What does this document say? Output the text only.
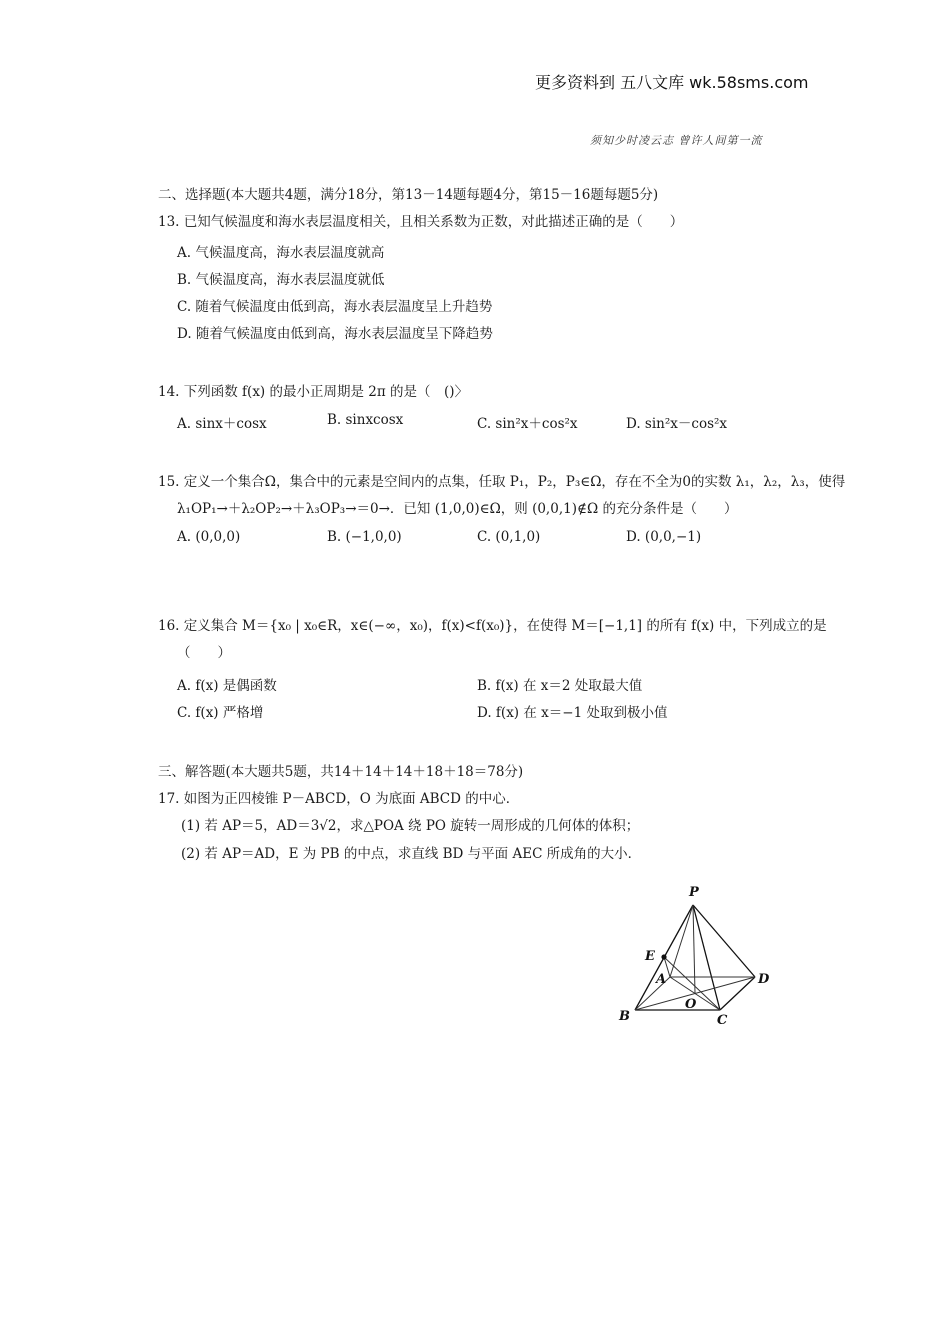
更多资料到 五八文库 wk.58sms.com
须知少时凌云志 曾许人间第一流
二、选择题(本大题共4题，满分18分，第13－14题每题4分，第15－16题每题5分)
13. 已知气候温度和海水表层温度相关，且相关系数为正数，对此描述正确的是（　　）
A. 气候温度高，海水表层温度就高
B. 气候温度高，海水表层温度就低
C. 随着气候温度由低到高，海水表层温度呈上升趋势
D. 随着气候温度由低到高，海水表层温度呈下降趋势
14. 下列函数 f(x) 的最小正周期是 2π 的是（　()〉
A. sinx＋cosx	B. sinxcosx	C. sin²x＋cos²x	D. sin²x－cos²x
15. 定义一个集合Ω，集合中的元素是空间内的点集，任取 P₁，P₂，P₃∈Ω，存在不全为0的实数 λ₁，λ₂，λ₃，使得
λ₁OP₁→＋λ₂OP₂→＋λ₃OP₃→＝0→．已知 (1,0,0)∈Ω，则 (0,0,1)∉Ω 的充分条件是（　　）
A. (0,0,0)	B. (−1,0,0)	C. (0,1,0)	D. (0,0,−1)
16. 定义集合 M＝{x₀ | x₀∈R，x∈(−∞，x₀)，f(x)<f(x₀)}，在使得 M＝[−1,1] 的所有 f(x) 中，下列成立的是
（　　）
A. f(x) 是偶函数	B. f(x) 在 x＝2 处取最大值
C. f(x) 严格增	D. f(x) 在 x＝−1 处取到极小值
三、解答题(本大题共5题，共14＋14＋14＋18＋18＝78分)
17. 如图为正四棱锥 P－ABCD，O 为底面 ABCD 的中心．
(1) 若 AP＝5，AD＝3√2，求△POA 绕 PO 旋转一周形成的几何体的体积；
(2) 若 AP＝AD，E 为 PB 的中点，求直线 BD 与平面 AEC 所成角的大小．
P
E
A	D
B
O
C
